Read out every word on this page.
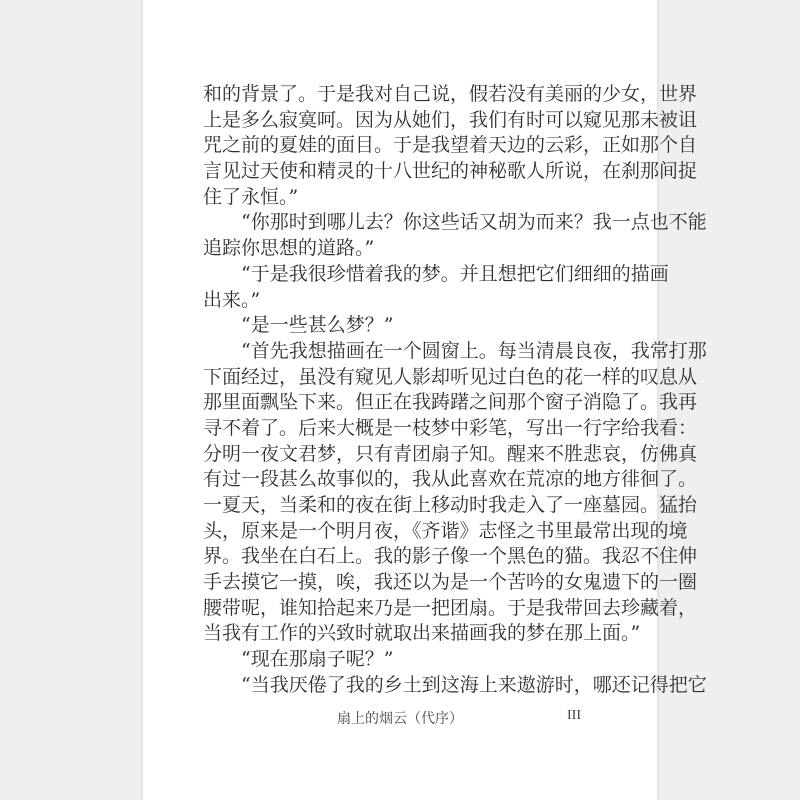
和的背景了。于是我对自己说，假若没有美丽的少女，世界
上是多么寂寞呵。因为从她们，我们有时可以窥见那未被诅
咒之前的夏娃的面目。于是我望着天边的云彩，正如那个自
言见过天使和精灵的十八世纪的神秘歌人所说，在刹那间捉
住了永恒。”
“你那时到哪儿去？你这些话又胡为而来？我一点也不能
追踪你思想的道路。”
“于是我很珍惜着我的梦。并且想把它们细细的描画
出来。”
“是一些甚么梦？”
“首先我想描画在一个圆窗上。每当清晨良夜，我常打那
下面经过，虽没有窥见人影却听见过白色的花一样的叹息从
那里面飘坠下来。但正在我踌躇之间那个窗子消隐了。我再
寻不着了。后来大概是一枝梦中彩笔，写出一行字给我看：
分明一夜文君梦，只有青团扇子知。醒来不胜悲哀，仿佛真
有过一段甚么故事似的，我从此喜欢在荒凉的地方徘徊了。
一夏天，当柔和的夜在街上移动时我走入了一座墓园。猛抬
头，原来是一个明月夜，《齐谐》志怪之书里最常出现的境
界。我坐在白石上。我的影子像一个黑色的猫。我忍不住伸
手去摸它一摸，唉，我还以为是一个苦吟的女鬼遗下的一圈
腰带呢，谁知拾起来乃是一把团扇。于是我带回去珍藏着，
当我有工作的兴致时就取出来描画我的梦在那上面。”
“现在那扇子呢？”
“当我厌倦了我的乡土到这海上来遨游时，哪还记得把它
扇上的烟云（代序）	III
